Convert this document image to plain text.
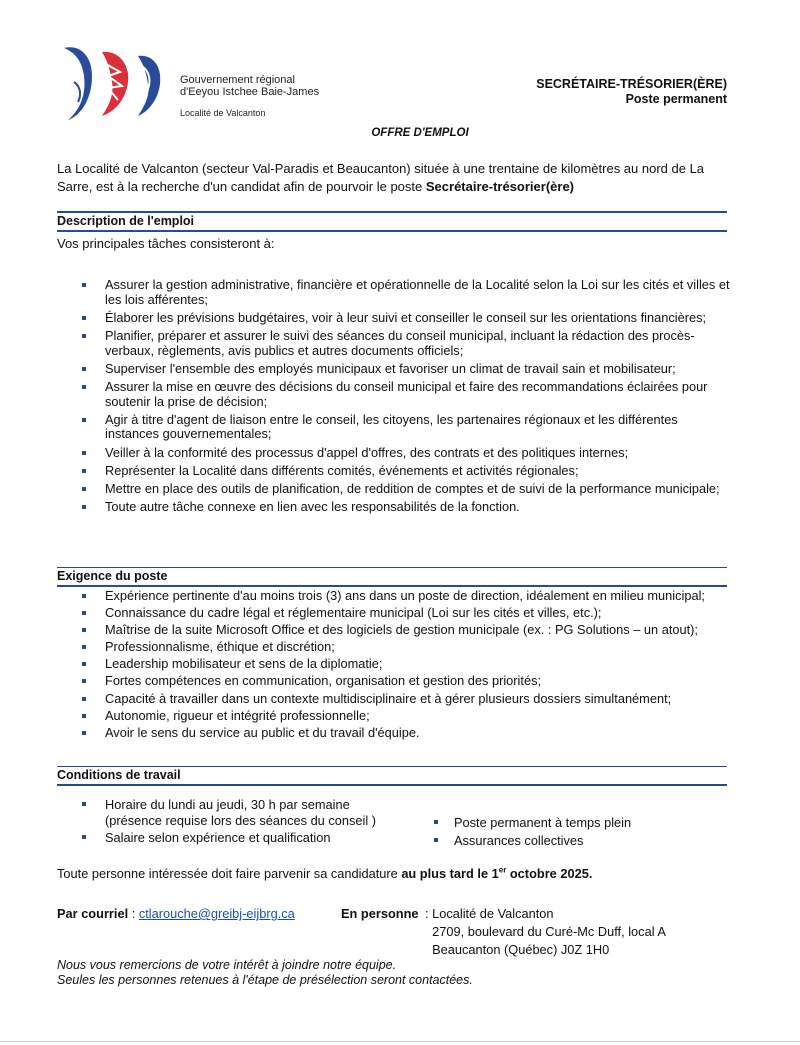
Gouvernement régional
d'Eeyou Istchee Baie-James
Localité de Valcanton
SECRÉTAIRE-TRÉSORIER(ÈRE)
Poste permanent
OFFRE D'EMPLOI
La Localité de Valcanton (secteur Val-Paradis et Beaucanton) située à une trentaine de kilomètres au nord de La Sarre, est à la recherche d'un candidat afin de pourvoir le poste Secrétaire-trésorier(ère)
Description de l'emploi
Vos principales tâches consisteront à:
Assurer la gestion administrative, financière et opérationnelle de la Localité selon la Loi sur les cités et villes et les lois afférentes;
Élaborer les prévisions budgétaires, voir à leur suivi et conseiller le conseil sur les orientations financières;
Planifier, préparer et assurer le suivi des séances du conseil municipal, incluant la rédaction des procès-verbaux, règlements, avis publics et autres documents officiels;
Superviser l'ensemble des employés municipaux et favoriser un climat de travail sain et mobilisateur;
Assurer la mise en œuvre des décisions du conseil municipal et faire des recommandations éclairées pour soutenir la prise de décision;
Agir à titre d'agent de liaison entre le conseil, les citoyens, les partenaires régionaux et les différentes instances gouvernementales;
Veiller à la conformité des processus d'appel d'offres, des contrats et des politiques internes;
Représenter la Localité dans différents comités, événements et activités régionales;
Mettre en place des outils de planification, de reddition de comptes et de suivi de la performance municipale;
Toute autre tâche connexe en lien avec les responsabilités de la fonction.
Exigence du poste
Expérience pertinente d'au moins trois (3) ans dans un poste de direction, idéalement en milieu municipal;
Connaissance du cadre légal et réglementaire municipal (Loi sur les cités et villes, etc.);
Maîtrise de la suite Microsoft Office et des logiciels de gestion municipale (ex. : PG Solutions – un atout);
Professionnalisme, éthique et discrétion;
Leadership mobilisateur et sens de la diplomatie;
Fortes compétences en communication, organisation et gestion des priorités;
Capacité à travailler dans un contexte multidisciplinaire et à gérer plusieurs dossiers simultanément;
Autonomie, rigueur et intégrité professionnelle;
Avoir le sens du service au public et du travail d'équipe.
Conditions de travail
Horaire du lundi au jeudi, 30 h par semaine
(présence requise lors des séances du conseil )
Salaire selon expérience et qualification
Poste permanent à temps plein
Assurances collectives
Toute personne intéressée doit faire parvenir sa candidature au plus tard le 1er octobre 2025.
Par courriel : ctlarouche@greibj-eijbrg.ca	En personne : Localité de Valcanton
2709, boulevard du Curé-Mc Duff, local A
Beaucanton (Québec) J0Z 1H0
Nous vous remercions de votre intérêt à joindre notre équipe.
Seules les personnes retenues à l'étape de présélection seront contactées.
